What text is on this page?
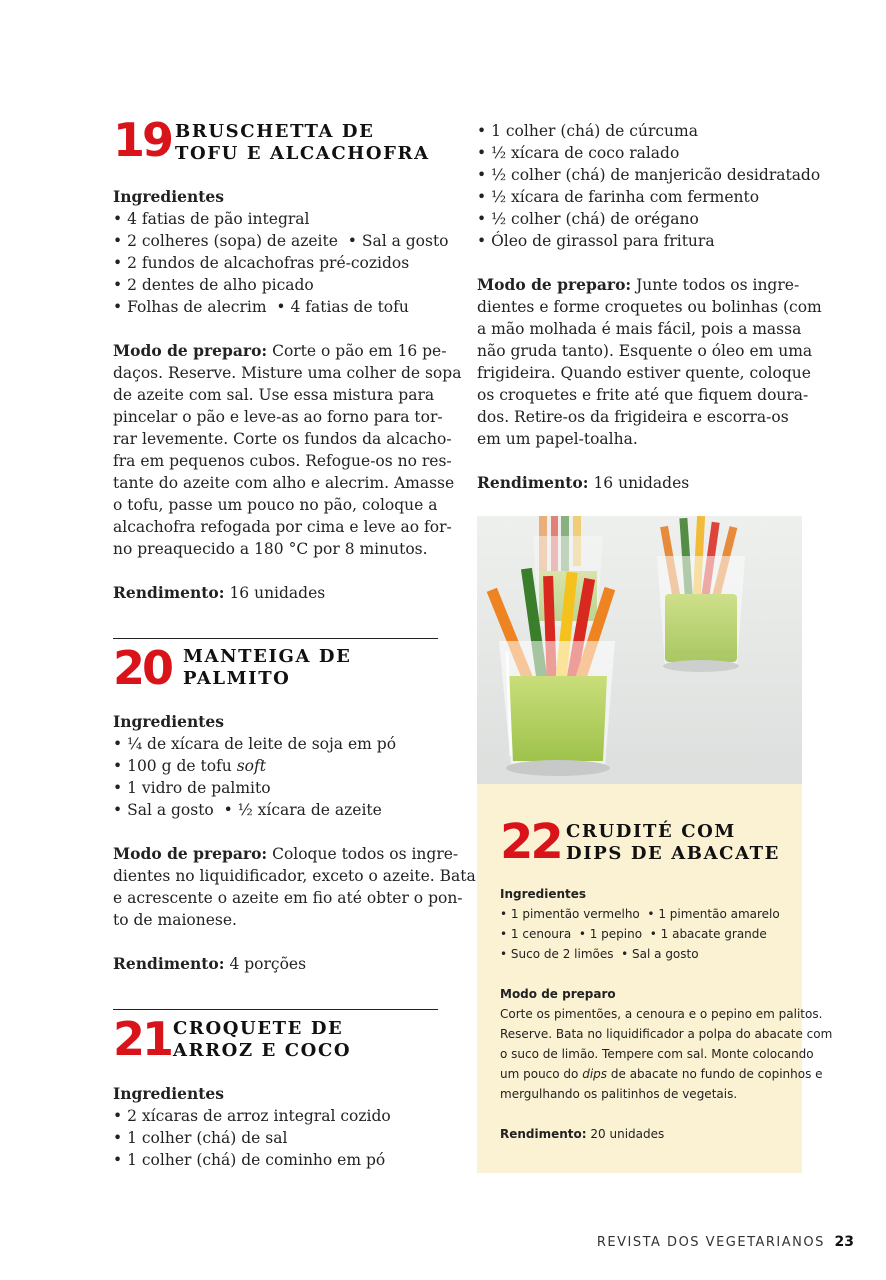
19 BRUSCHETTA DE
TOFU E ALCACHOFRA
Ingredientes
• 4 fatias de pão integral
• 2 colheres (sopa) de azeite • Sal a gosto
• 2 fundos de alcachofras pré-cozidos
• 2 dentes de alho picado
• Folhas de alecrim • 4 fatias de tofu
Modo de preparo: Corte o pão em 16 pe-
daços. Reserve. Misture uma colher de sopa
de azeite com sal. Use essa mistura para
pincelar o pão e leve-as ao forno para tor-
rar levemente. Corte os fundos da alcacho-
fra em pequenos cubos. Refogue-os no res-
tante do azeite com alho e alecrim. Amasse
o tofu, passe um pouco no pão, coloque a
alcachofra refogada por cima e leve ao for-
no preaquecido a 180 °C por 8 minutos.
Rendimento: 16 unidades
20 MANTEIGA DE
PALMITO
Ingredientes
• ¼ de xícara de leite de soja em pó
• 100 g de tofu soft
• 1 vidro de palmito
• Sal a gosto • ½ xícara de azeite
Modo de preparo: Coloque todos os ingre-
dientes no liquidificador, exceto o azeite. Bata
e acrescente o azeite em fio até obter o pon-
to de maionese.
Rendimento: 4 porções
21 CROQUETE DE
ARROZ E COCO
Ingredientes
• 2 xícaras de arroz integral cozido
• 1 colher (chá) de sal
• 1 colher (chá) de cominho em pó
• 1 colher (chá) de cúrcuma
• ½ xícara de coco ralado
• ½ colher (chá) de manjericão desidratado
• ½ xícara de farinha com fermento
• ½ colher (chá) de orégano
• Óleo de girassol para fritura
Modo de preparo: Junte todos os ingre-
dientes e forme croquetes ou bolinhas (com
a mão molhada é mais fácil, pois a massa
não gruda tanto). Esquente o óleo em uma
frigideira. Quando estiver quente, coloque
os croquetes e frite até que fiquem doura-
dos. Retire-os da frigideira e escorra-os
em um papel-toalha.
Rendimento: 16 unidades
22 CRUDITÉ COM
DIPS DE ABACATE
Ingredientes
• 1 pimentão vermelho • 1 pimentão amarelo
• 1 cenoura • 1 pepino • 1 abacate grande
• Suco de 2 limões • Sal a gosto
Modo de preparo
Corte os pimentões, a cenoura e o pepino em palitos.
Reserve. Bata no liquidificador a polpa do abacate com
o suco de limão. Tempere com sal. Monte colocando
um pouco do dips de abacate no fundo de copinhos e
mergulhando os palitinhos de vegetais.
Rendimento: 20 unidades
REVISTA DOS VEGETARIANOS 23
